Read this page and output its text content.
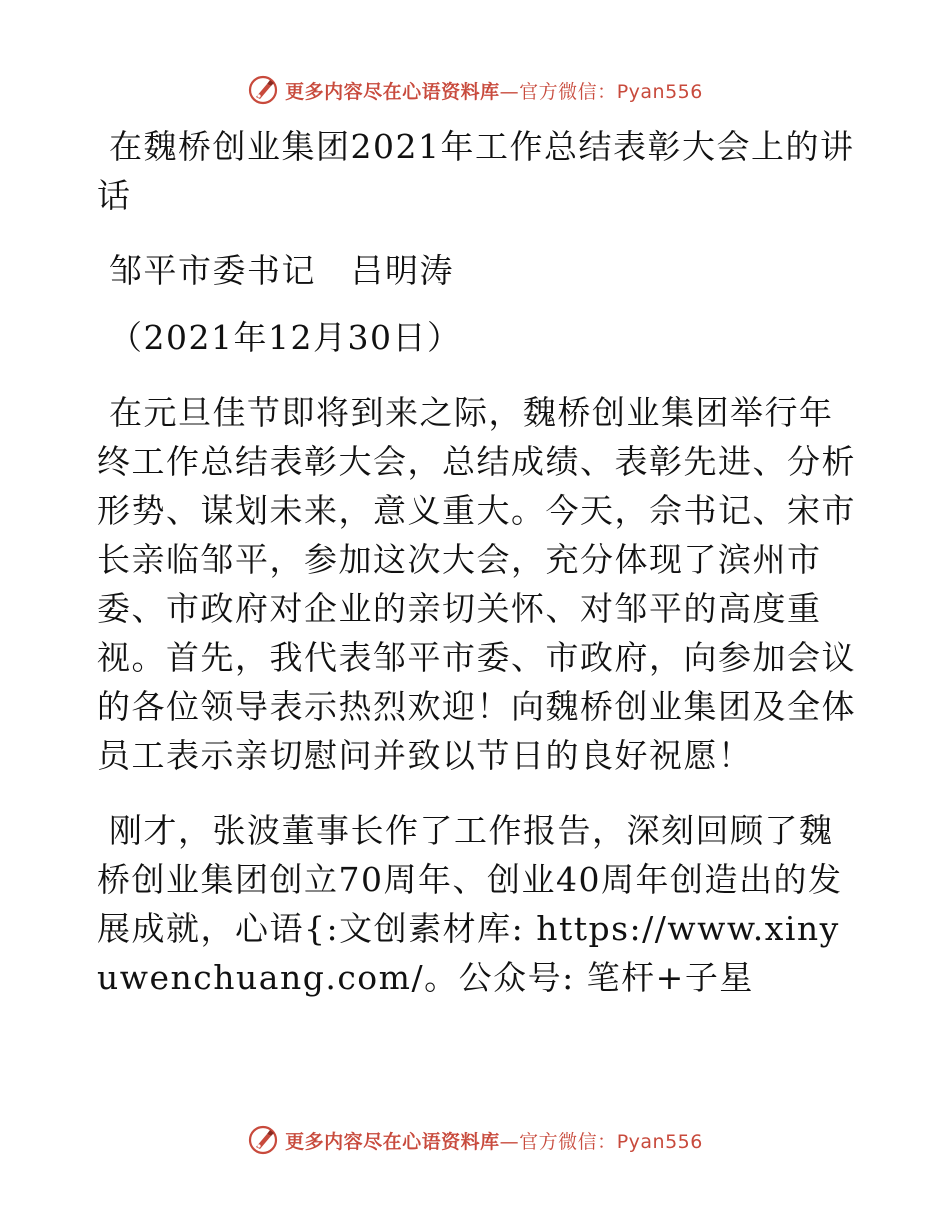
更多内容尽在心语资料库—官方微信：Pyan556

在魏桥创业集团2021年工作总结表彰大会上的讲话

邹平市委书记　吕明涛

（2021年12月30日）

在元旦佳节即将到来之际，魏桥创业集团举行年终工作总结表彰大会，总结成绩、表彰先进、分析形势、谋划未来，意义重大。今天，佘书记、宋市长亲临邹平，参加这次大会，充分体现了滨州市委、市政府对企业的亲切关怀、对邹平的高度重视。首先，我代表邹平市委、市政府，向参加会议的各位领导表示热烈欢迎！向魏桥创业集团及全体员工表示亲切慰问并致以节日的良好祝愿！

刚才，张波董事长作了工作报告，深刻回顾了魏桥创业集团创立70周年、创业40周年创造出的发展成就，心语{:文创素材库: https://www.xinyuwenchuang.com/。公众号: 笔杆+子星

更多内容尽在心语资料库—官方微信：Pyan556
